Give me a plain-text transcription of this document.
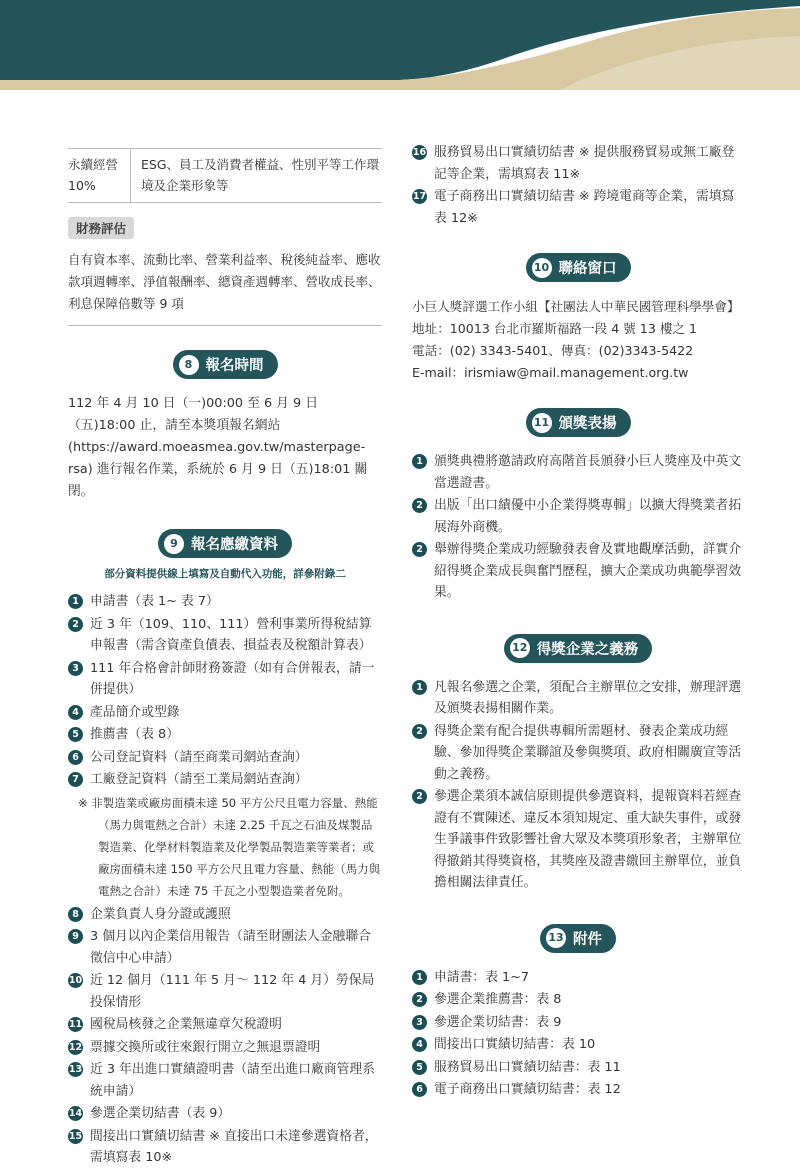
永續經營 10%
ESG、員工及消費者權益、性別平等工作環境及企業形象等
財務評估
自有資本率、流動比率、營業利益率、稅後純益率、應收款項週轉率、淨值報酬率、總資產週轉率、營收成長率、利息保障倍數等 9 項
8 報名時間

112 年 4 月 10 日（一)00:00 至 6 月 9 日（五)18:00 止，請至本獎項報名網站 (https://award.moeasmea.gov.tw/masterpage-rsa) 進行報名作業，系統於 6 月 9 日（五)18:01 關閉。

9 報名應繳資料
部分資料提供線上填寫及自動代入功能，詳參附錄二
1 申請書（表 1~ 表 7）
2 近 3 年（109、110、111）營利事業所得稅結算申報書（需含資產負債表、損益表及稅額計算表）
3 111 年合格會計師財務簽證（如有合併報表，請一併提供）
4 產品簡介或型錄
5 推薦書（表 8）
6 公司登記資料（請至商業司網站查詢）
7 工廠登記資料（請至工業局網站查詢）

※ 非製造業或廠房面積未達 50 平方公尺且電力容量、熱能（馬力與電熱之合計）未達 2.25 千瓦之石油及煤製品製造業、化學材料製造業及化學製品製造業等業者；或廠房面積未達 150 平方公尺且電力容量、熱能（馬力與電熱之合計）未達 75 千瓦之小型製造業者免附。

8 企業負責人身分證或護照
9 3 個月以內企業信用報告（請至財團法人金融聯合徵信中心申請）
10 近 12 個月（111 年 5 月～ 112 年 4 月）勞保局投保情形
11 國稅局核發之企業無違章欠稅證明
12 票據交換所或往來銀行開立之無退票證明
13 近 3 年出進口實績證明書（請至出進口廠商管理系統申請）
14 參選企業切結書（表 9）
15 間接出口實績切結書 ※ 直接出口未達參選資格者，需填寫表 10※
16 服務貿易出口實績切結書 ※ 提供服務貿易或無工廠登記等企業，需填寫表 11※
17 電子商務出口實績切結書 ※ 跨境電商等企業，需填寫表 12※
10 聯絡窗口
小巨人獎評選工作小組【社團法人中華民國管理科學學會】
地址：10013 台北市羅斯福路一段 4 號 13 樓之 1
電話：(02) 3343-5401、傳真：(02)3343-5422
E-mail：irismiaw@mail.management.org.tw
11 頒獎表揚
1 頒獎典禮將邀請政府高階首長頒發小巨人獎座及中英文當選證書。
2 出版「出口績優中小企業得獎專輯」以擴大得獎業者拓展海外商機。
2 舉辦得獎企業成功經驗發表會及實地觀摩活動，詳實介紹得獎企業成長與奮鬥歷程，擴大企業成功典範學習效果。
12 得獎企業之義務
1 凡報名參選之企業，須配合主辦單位之安排，辦理評選及頒獎表揚相關作業。
2 得獎企業有配合提供專輯所需題材、發表企業成功經驗、參加得獎企業聯誼及參與獎項、政府相關廣宣等活動之義務。
2 參選企業須本誠信原則提供參選資料，提報資料若經查證有不實陳述、違反本須知規定、重大缺失事件，或發生爭議事件致影響社會大眾及本獎項形象者，主辦單位得撤銷其得獎資格，其獎座及證書繳回主辦單位，並負擔相關法律責任。
13 附件
1 申請書：表 1~7
2 參選企業推薦書：表 8
3 參選企業切結書：表 9
4 間接出口實績切結書：表 10
5 服務貿易出口實績切結書：表 11
6 電子商務出口實績切結書：表 12
